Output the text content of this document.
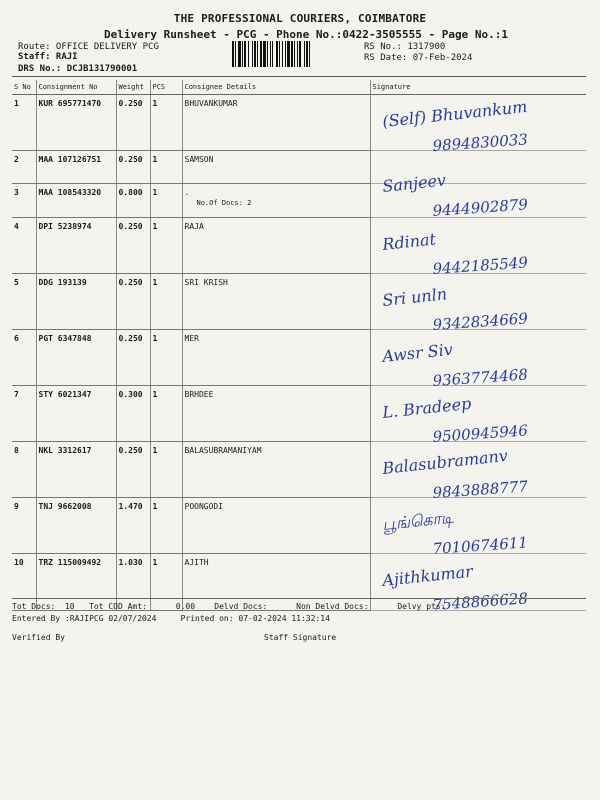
THE PROFESSIONAL COURIERS, COIMBATORE
Delivery Runsheet - PCG - Phone No.:0422-3505555 - Page No.:1
Route: OFFICE DELIVERY PCG
Staff: RAJI
DRS No.: DCJB131790001
RS No.: 1317900
RS Date: 07-Feb-2024
S No	Consignment No	Weight	PCS	Consignee Details	Signature
1	KUR 695771470	0.250	1	BHUVANKUMAR	(Self) Bhuvankum
9894830033

2	MAA 107126751	0.250	1	SAMSON	
3	MAA 108543320	0.800	1	.
No.Of Docs: 2	Sanjeev
9444902879

4	DPI 5238974	0.250	1	RAJA	Rdinat
9442185549

5	DDG 193139	0.250	1	SRI KRISH	Sri unln
9342834669

6	PGT 6347848	0.250	1	MER	Awsr Siv
9363774468

7	STY 6021347	0.300	1	BRHDEE	L. Bradeep
9500945946

8	NKL 3312617	0.250	1	BALASUBRAMANIYAM	Balasubramanv
9843888777

9	TNJ 9662008	1.470	1	POONGODI	பூங்கொடி
7010674611

10	TRZ 115009492	1.030	1	AJITH	Ajithkumar
7548866628
Tot Docs:  10   Tot COD Amt:      0.00    Delvd Docs:      Non Delvd Docs:      Delvy pts:
Entered By :RAJIPCG 02/07/2024     Printed on: 07-02-2024 11:32:14
Verified By	Staff Signature
